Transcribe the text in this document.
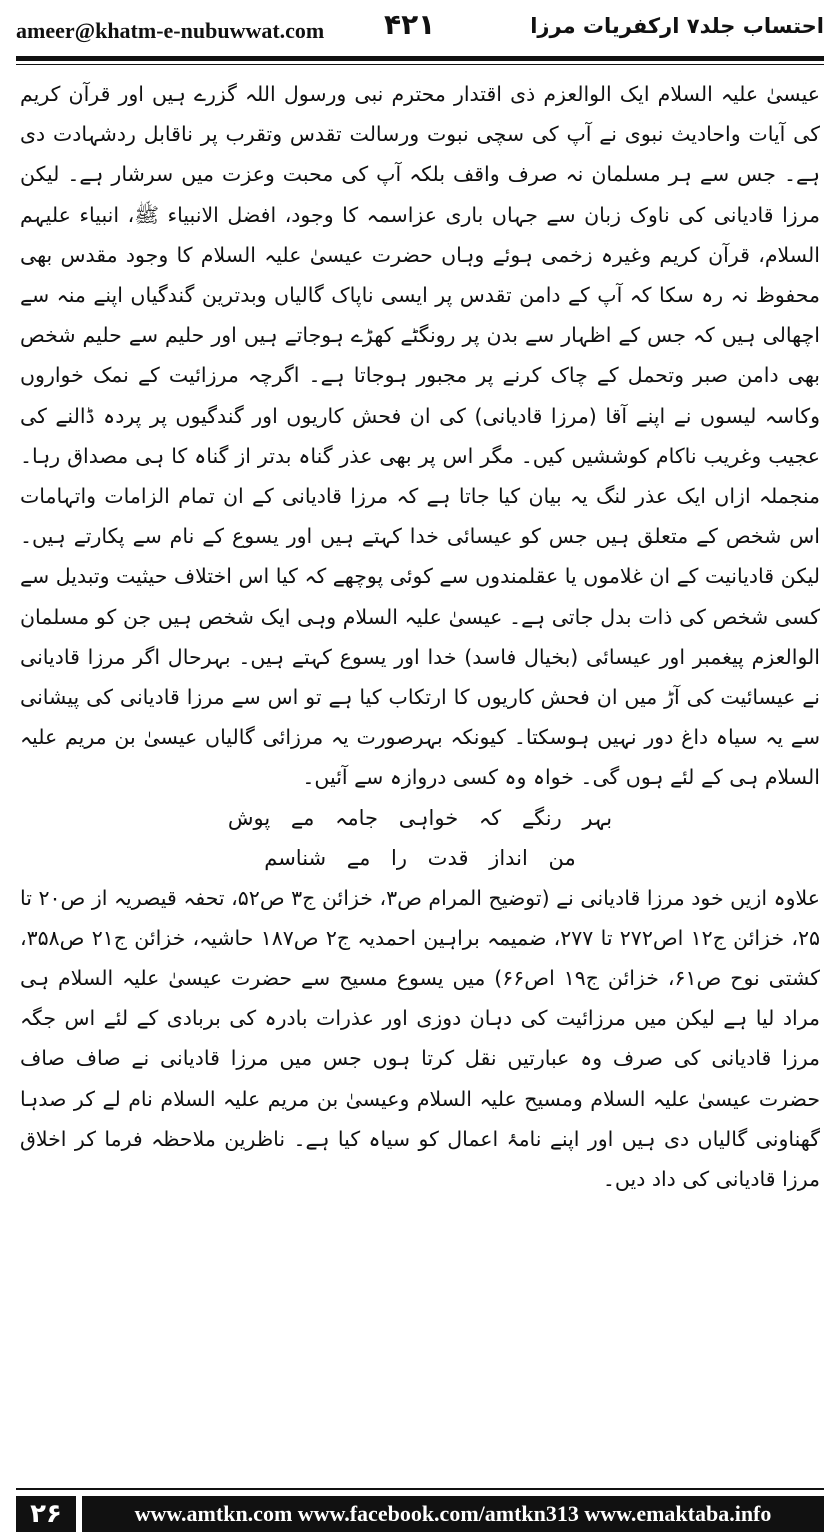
ameer@khatm-e-nubuwwat.com ۴۲۱	احتساب جلد۷ ارکفریات مرزا

عیسیٰ علیہ السلام ایک الوالعزم ذی اقتدار محترم نبی ورسول اللہ گزرے ہیں اور قرآن کریم کی آیات واحادیث نبوی نے آپ کی سچی نبوت ورسالت تقدس وتقرب پر ناقابل ردشہادت دی ہے۔ جس سے ہر مسلمان نہ صرف واقف بلکہ آپ کی محبت وعزت میں سرشار ہے۔ لیکن مرزا قادیانی کی ناوک زبان سے جہاں باری عزاسمہ کا وجود، افضل الانبیاء ﷺ، انبیاء علیہم السلام، قرآن کریم وغیرہ زخمی ہوئے وہاں حضرت عیسیٰ علیہ السلام کا وجود مقدس بھی محفوظ نہ رہ سکا کہ آپ کے دامن تقدس پر ایسی ناپاک گالیاں وبدترین گندگیاں اپنے منہ سے اچھالی ہیں کہ جس کے اظہار سے بدن پر رونگٹے کھڑے ہوجاتے ہیں اور حلیم سے حلیم شخص بھی دامن صبر وتحمل کے چاک کرنے پر مجبور ہوجاتا ہے۔ اگرچہ مرزائیت کے نمک خواروں وکاسہ لیسوں نے اپنے آقا (مرزا قادیانی) کی ان فحش کاریوں اور گندگیوں پر پردہ ڈالنے کی عجیب وغریب ناکام کوششیں کیں۔ مگر اس پر بھی عذر گناہ بدتر از گناہ کا ہی مصداق رہا۔ منجملہ ازاں ایک عذر لنگ یہ بیان کیا جاتا ہے کہ مرزا قادیانی کے ان تمام الزامات واتہامات اس شخص کے متعلق ہیں جس کو عیسائی خدا کہتے ہیں اور یسوع کے نام سے پکارتے ہیں۔ لیکن قادیانیت کے ان غلاموں یا عقلمندوں سے کوئی پوچھے کہ کیا اس اختلاف حیثیت وتبدیل سے کسی شخص کی ذات بدل جاتی ہے۔ عیسیٰ علیہ السلام وہی ایک شخص ہیں جن کو مسلمان الوالعزم پیغمبر اور عیسائی (بخیال فاسد) خدا اور یسوع کہتے ہیں۔ بہرحال اگر مرزا قادیانی نے عیسائیت کی آڑ میں ان فحش کاریوں کا ارتکاب کیا ہے تو اس سے مرزا قادیانی کی پیشانی سے یہ سیاہ داغ دور نہیں ہوسکتا۔ کیونکہ بہرصورت یہ مرزائی گالیاں عیسیٰ بن مریم علیہ السلام ہی کے لئے ہوں گی۔ خواہ وہ کسی دروازہ سے آئیں۔

بہر رنگے کہ خواہی جامہ مے پوش
من انداز قدت را مے شناسم

علاوہ ازیں خود مرزا قادیانی نے (توضیح المرام ص۳، خزائن ج۳ ص۵۲، تحفہ قیصریہ از ص۲۰ تا ۲۵، خزائن ج۱۲ اص۲۷۲ تا ۲۷۷، ضمیمہ براہین احمدیہ ج۲ ص۱۸۷ حاشیہ، خزائن ج۲۱ ص۳۵۸، کشتی نوح ص۶۱، خزائن ج۱۹ اص۶۶) میں یسوع مسیح سے حضرت عیسیٰ علیہ السلام ہی مراد لیا ہے لیکن میں مرزائیت کی دہان دوزی اور عذرات بادرہ کی بربادی کے لئے اس جگہ مرزا قادیانی کی صرف وہ عبارتیں نقل کرتا ہوں جس میں مرزا قادیانی نے صاف صاف حضرت عیسیٰ علیہ السلام ومسیح علیہ السلام وعیسیٰ بن مریم علیہ السلام نام لے کر صدہا گھناونی گالیاں دی ہیں اور اپنے نامۂ اعمال کو سیاہ کیا ہے۔ ناظرین ملاحظہ فرما کر اخلاق مرزا قادیانی کی داد دیں۔

۲۶	www.amtkn.com www.facebook.com/amtkn313 www.emaktaba.info
